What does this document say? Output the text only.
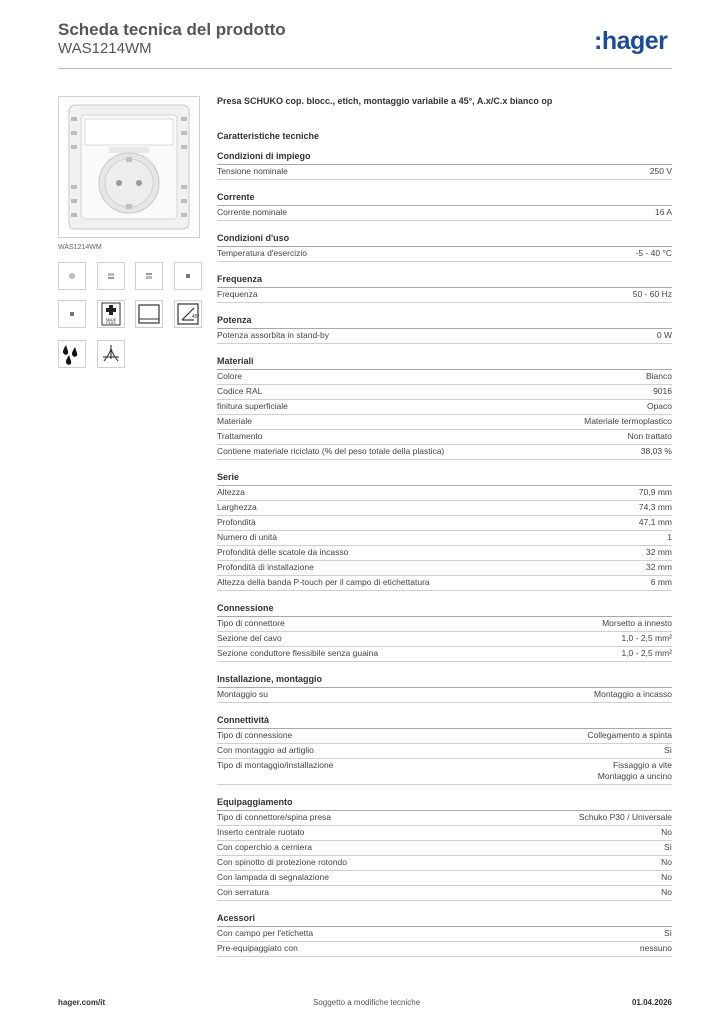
Scheda tecnica del prodotto
WAS1214WM	:hager
WAS1214WM
MADE
PLUS
45°
Presa SCHUKO cop. blocc., etich, montaggio variabile a 45°, A.x/C.x bianco op
Caratteristiche tecniche
Condizioni di impiego
Tensione nominale	250 V
Corrente
Corrente nominale	16 A
Condizioni d'uso
Temperatura d'esercizio	-5 - 40 °C
Frequenza
Frequenza	50 - 60 Hz
Potenza
Potenza assorbita in stand-by	0 W
Materiali
Colore	Bianco
Codice RAL	9016
finitura superficiale	Opaco
Materiale	Materiale termoplastico
Trattamento	Non trattato
Contiene materiale riciclato (% del peso totale della plastica)	38,03 %
Serie
Altezza	70,9 mm
Larghezza	74,3 mm
Profondità	47,1 mm
Numero di unità	1
Profondità delle scatole da incasso	32 mm
Profondità di installazione	32 mm
Altezza della banda P-touch per il campo di etichettatura	6 mm
Connessione
Tipo di connettore	Morsetto a innesto
Sezione del cavo	1,0 - 2,5 mm²
Sezione conduttore flessibile senza guaina	1,0 - 2,5 mm²
Installazione, montaggio
Montaggio su	Montaggio a incasso
Connettività
Tipo di connessione	Collegamento a spinta
Con montaggio ad artiglio	Sì
Tipo di montaggio/installazione	Fissaggio a vite
Montaggio a uncino
Equipaggiamento
Tipo di connettore/spina presa	Schuko P30 / Universale
Inserto centrale ruotato	No
Con coperchio a cerniera	Sì
Con spinotto di protezione rotondo	No
Con lampada di segnalazione	No
Con serratura	No
Acessori
Con campo per l'etichetta	Sì
Pre-equipaggiato con	nessuno
hager.com/it	Soggetto a modifiche tecniche	01.04.2026
